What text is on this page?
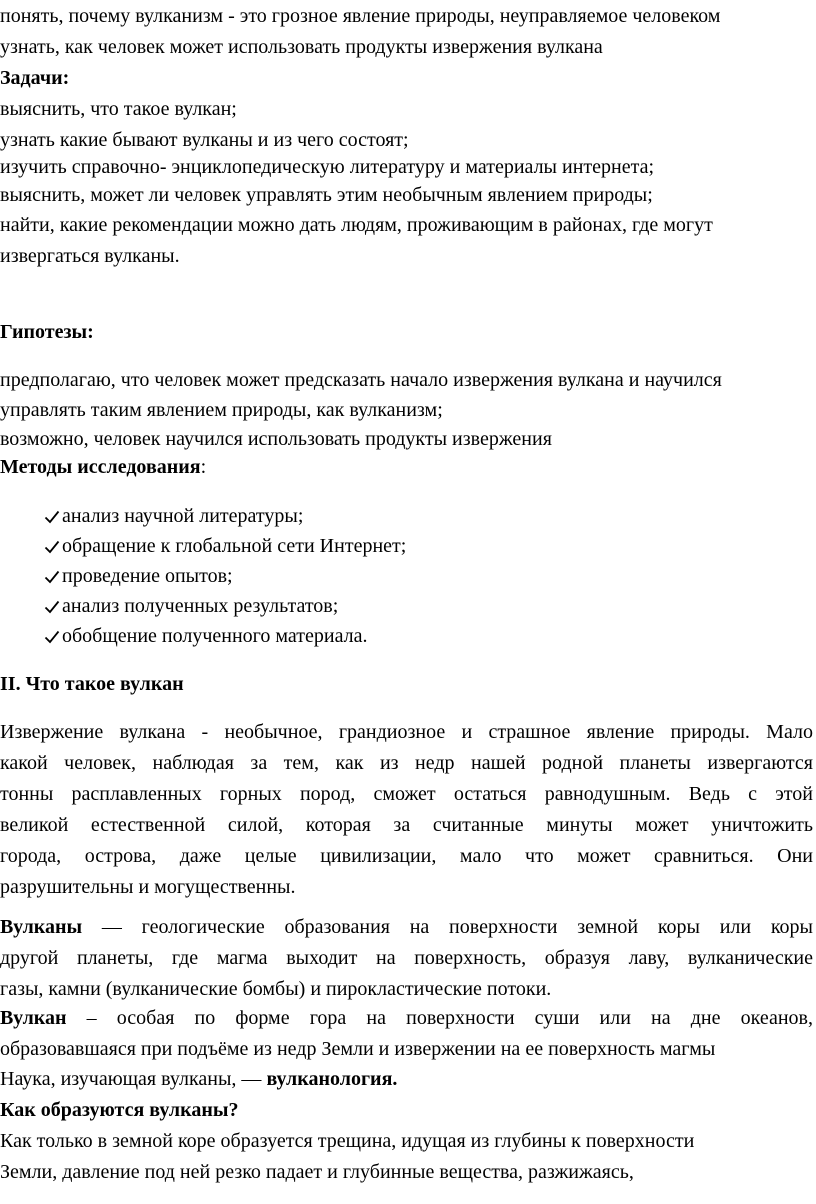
понять, почему вулканизм - это грозное явление природы, неуправляемое человеком
узнать, как человек может использовать продукты извержения вулкана
Задачи:
выяснить, что такое вулкан;
узнать какие бывают вулканы и из чего состоят;
изучить справочно- энциклопедическую литературу и материалы интернета;
выяснить, может ли человек управлять этим необычным явлением природы;
найти, какие рекомендации можно дать людям, проживающим в районах, где могут
извергаться вулканы.
Гипотезы:
предполагаю, что человек может предсказать начало извержения вулкана и научился
управлять таким явлением природы, как вулканизм;
возможно, человек научился использовать продукты извержения
Методы исследования:
анализ научной литературы;
обращение к глобальной сети Интернет;
проведение опытов;
анализ полученных результатов;
обобщение полученного материала.
II. Что такое вулкан
Извержение вулкана - необычное, грандиозное и страшное явление природы. Мало
какой человек, наблюдая за тем, как из недр нашей родной планеты извергаются
тонны расплавленных горных пород, сможет остаться равнодушным. Ведь с этой
великой естественной силой, которая за считанные минуты может уничтожить
города, острова, даже целые цивилизации, мало что может сравниться. Они
разрушительны и могущественны.
Вулканы — геологические образования на поверхности земной коры или коры
другой планеты, где магма выходит на поверхность, образуя лаву, вулканические
газы, камни (вулканические бомбы) и пирокластические потоки.
Вулкан – особая по форме гора на поверхности суши или на дне океанов,
образовавшаяся при подъёме из недр Земли и извержении на ее поверхность магмы
Наука, изучающая вулканы, — вулканология.
Как образуются вулканы?
Как только в земной коре образуется трещина, идущая из глубины к поверхности
Земли, давление под ней резко падает и глубинные вещества, разжижаясь,
